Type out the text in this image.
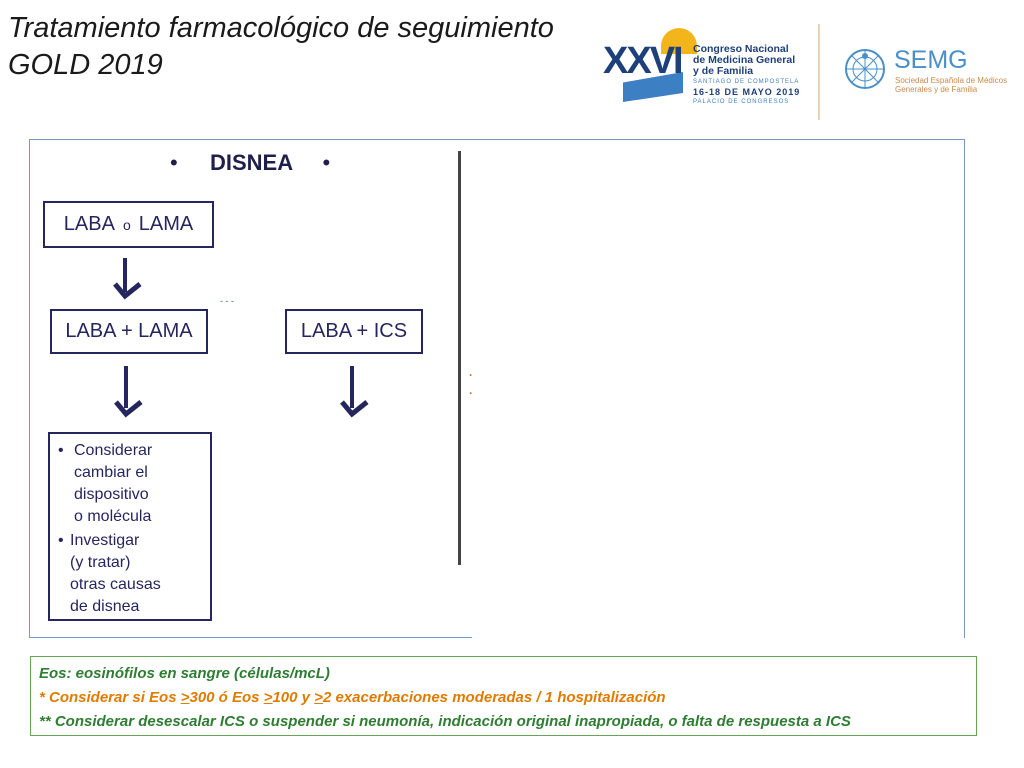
Tratamiento farmacológico de seguimiento
GOLD 2019	XXVI Congreso Nacional
de Medicina General
y de Familia
SANTIAGO DE COMPOSTELA
16-18 DE MAYO 2019
PALACIO DE CONGRESOS
SEMG
Sociedad Española de Médicos
Generales y de Familia
• DISNEA •
LABA o LAMA
- - -
LABA + LAMA	LABA + ICS
·
·
• Considerar
cambiar el
dispositivo
o molécula
• Investigar
(y tratar)
otras causas
de disnea
Eos: eosinófilos en sangre (células/mcL)
* Considerar si Eos >300 ó Eos >100 y >2 exacerbaciones moderadas / 1 hospitalización
** Considerar desescalar ICS o suspender si neumonía, indicación original inapropiada, o falta de respuesta a ICS
